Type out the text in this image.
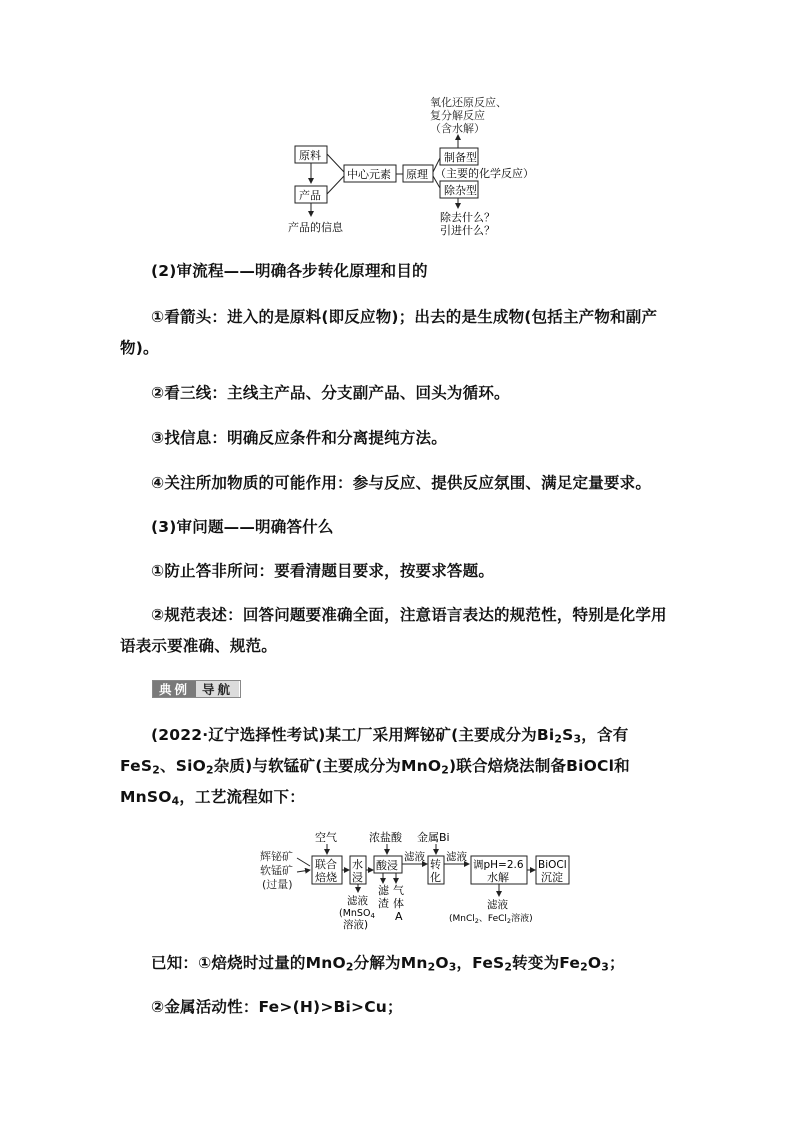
氧化还原反应、
复分解反应
（含水解）
原料
产品
产品的信息
中心元素 原理
制备型
（主要的化学反应）
除杂型
除去什么？
引进什么？

(2)审流程——明确各步转化原理和目的

①看箭头：进入的是原料(即反应物)；出去的是生成物(包括主产物和副产物)。

②看三线：主线主产品、分支副产品、回头为循环。

③找信息：明确反应条件和分离提纯方法。

④关注所加物质的可能作用：参与反应、提供反应氛围、满足定量要求。

(3)审问题——明确答什么

①防止答非所问：要看清题目要求，按要求答题。

②规范表述：回答问题要准确全面，注意语言表达的规范性，特别是化学用语表示要准确、规范。

典例 导航

(2022·辽宁选择性考试)某工厂采用辉铋矿(主要成分为$Bi_2S_3$，含有FeS$_2$、SiO$_2$杂质)与软锰矿(主要成分为MnO$_2$)联合焙烧法制备BiOCl和MnSO$_4$，工艺流程如下：

辉铋矿
软锰矿
(过量)
空气
联合
焙烧
水
浸
滤液
(MnSO$_4$
溶液)
浓盐酸
酸浸
滤
渣
气
体
A
滤液
金属Bi
转
化
滤液
调pH=2.6
水解
BiOCl
沉淀
滤液
(MnCl$_2$、FeCl$_2$溶液)

已知：①焙烧时过量的MnO$_2$分解为$Mn_2O_3$，FeS$_2$转变为$Fe_2O_3$；

②金属活动性：Fe>(H)>Bi>Cu；
